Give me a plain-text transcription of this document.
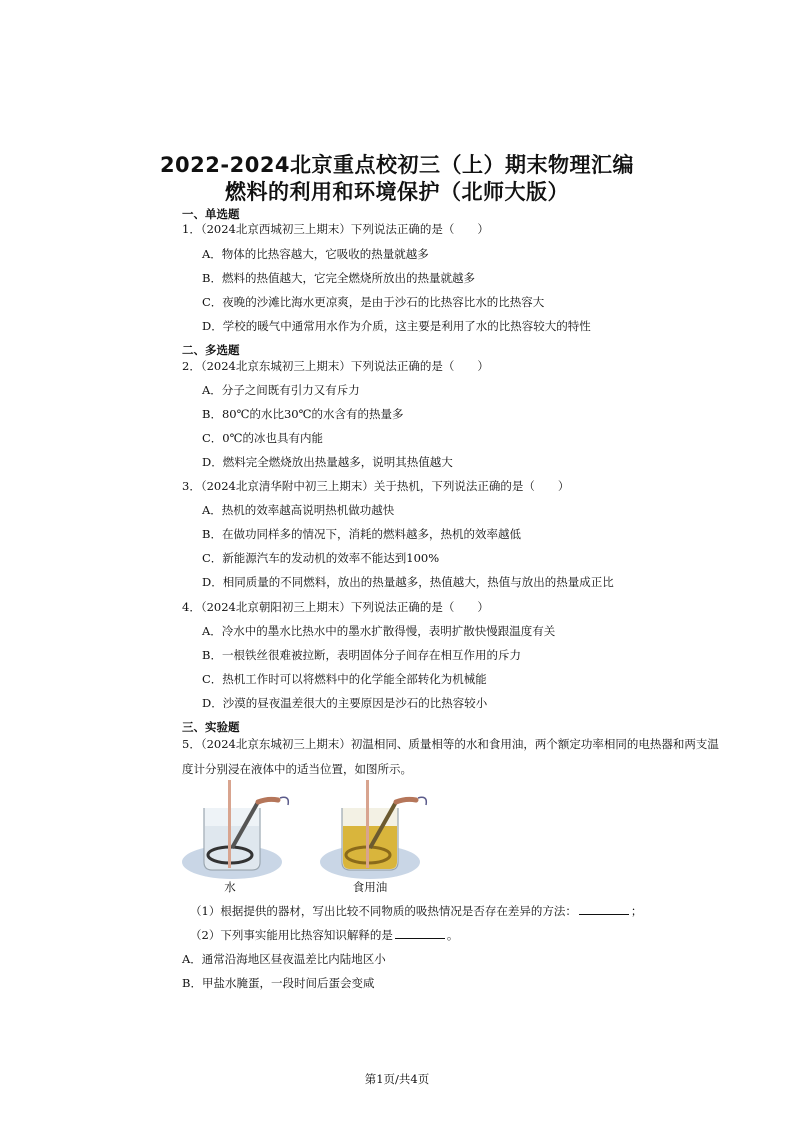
2022-2024北京重点校初三（上）期末物理汇编
燃料的利用和环境保护（北师大版）
一、单选题
1．（2024北京西城初三上期末）下列说法正确的是（　　）
A．物体的比热容越大，它吸收的热量就越多
B．燃料的热值越大，它完全燃烧所放出的热量就越多
C．夜晚的沙滩比海水更凉爽，是由于沙石的比热容比水的比热容大
D．学校的暖气中通常用水作为介质，这主要是利用了水的比热容较大的特性
二、多选题
2．（2024北京东城初三上期末）下列说法正确的是（　　）
A．分子之间既有引力又有斥力
B．80℃的水比30℃的水含有的热量多
C．0℃的冰也具有内能
D．燃料完全燃烧放出热量越多，说明其热值越大
3．（2024北京清华附中初三上期末）关于热机，下列说法正确的是（　　）
A．热机的效率越高说明热机做功越快
B．在做功同样多的情况下，消耗的燃料越多，热机的效率越低
C．新能源汽车的发动机的效率不能达到100%
D．相同质量的不同燃料，放出的热量越多，热值越大，热值与放出的热量成正比
4．（2024北京朝阳初三上期末）下列说法正确的是（　　）
A．冷水中的墨水比热水中的墨水扩散得慢，表明扩散快慢跟温度有关
B．一根铁丝很难被拉断，表明固体分子间存在相互作用的斥力
C．热机工作时可以将燃料中的化学能全部转化为机械能
D．沙漠的昼夜温差很大的主要原因是沙石的比热容较小
三、实验题
5．（2024北京东城初三上期末）初温相同、质量相等的水和食用油，两个额定功率相同的电热器和两支温
度计分别浸在液体中的适当位置，如图所示。
水	食用油
（1）根据提供的器材，写出比较不同物质的吸热情况是否存在差异的方法：	；
（2）下列事实能用比热容知识解释的是	。
A．通常沿海地区昼夜温差比内陆地区小
B．甲盐水腌蛋，一段时间后蛋会变咸
第1页/共4页
